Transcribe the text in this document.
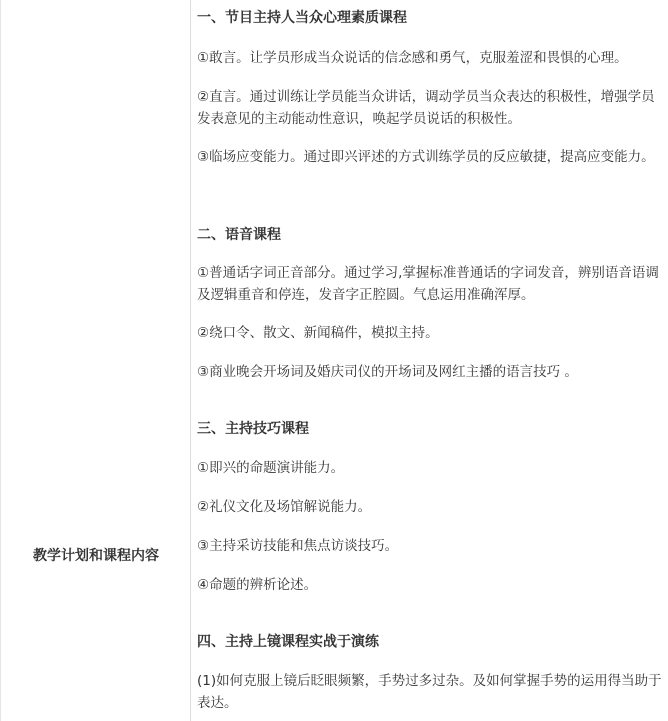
教学计划和课程内容
一、节目主持人当众心理素质课程
①敢言。让学员形成当众说话的信念感和勇气，克服羞涩和畏惧的心理。
②直言。通过训练让学员能当众讲话，调动学员当众表达的积极性，增强学员发表意见的主动能动性意识，唤起学员说话的积极性。
③临场应变能力。通过即兴评述的方式训练学员的反应敏捷，提高应变能力。
二、语音课程
①普通话字词正音部分。通过学习,掌握标准普通话的字词发音，辨别语音语调及逻辑重音和停连，发音字正腔圆。气息运用准确浑厚。
②绕口令、散文、新闻稿件，模拟主持。
③商业晚会开场词及婚庆司仪的开场词及网红主播的语言技巧 。
三、主持技巧课程
①即兴的命题演讲能力。
②礼仪文化及场馆解说能力。
③主持采访技能和焦点访谈技巧。
④命题的辨析论述。
四、主持上镜课程实战于演练
(1)如何克服上镜后眨眼频繁，手势过多过杂。及如何掌握手势的运用得当助于表达。
